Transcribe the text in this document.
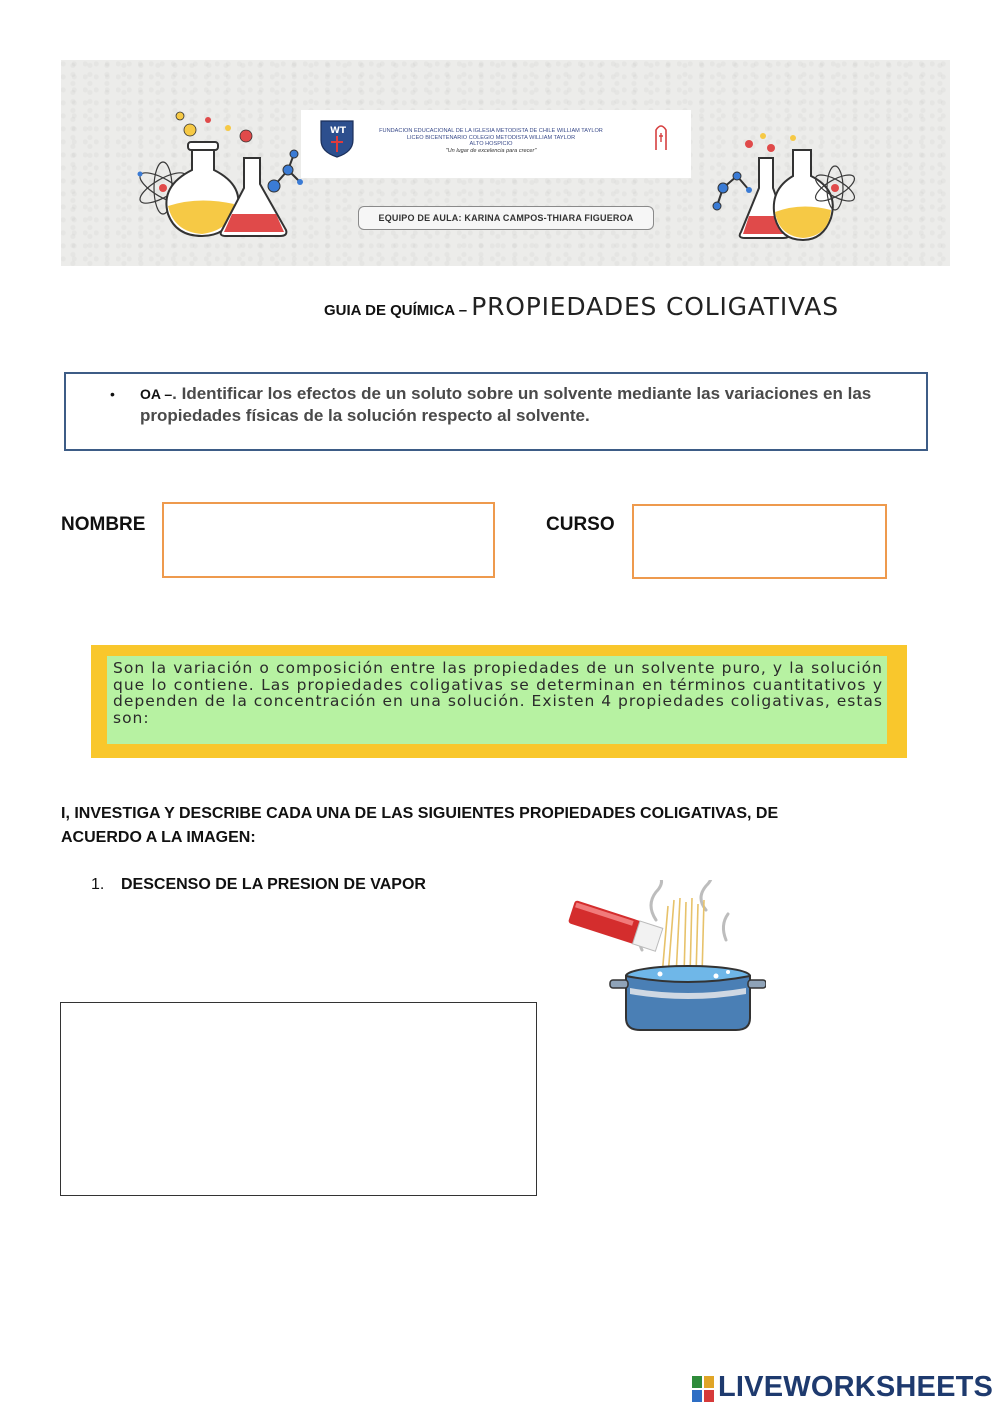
WT	FUNDACION EDUCACIONAL DE LA IGLESIA METODISTA DE CHILE WILLIAM TAYLOR
LICEO BICENTENARIO COLEGIO METODISTA WILLIAM TAYLOR
ALTO HOSPICIO
"Un lugar de excelencia para crecer"
EQUIPO DE AULA: KARINA CAMPOS-THIARA FIGUEROA
GUIA DE QUÍMICA – PROPIEDADES COLIGATIVAS
• OA –. Identificar los efectos de un soluto sobre un solvente mediante las variaciones en las propiedades físicas de la solución respecto al solvente.
NOMBRE	CURSO
Son la variación o composición entre las propiedades de un solvente puro, y la solución que lo contiene. Las propiedades coligativas se determinan en términos cuantitativos y dependen de la concentración en una solución. Existen 4 propiedades coligativas, estas son:
I, INVESTIGA Y DESCRIBE CADA UNA DE LAS SIGUIENTES PROPIEDADES COLIGATIVAS, DE ACUERDO A LA IMAGEN:
1. DESCENSO DE LA PRESION DE VAPOR
LIVEWORKSHEETS
